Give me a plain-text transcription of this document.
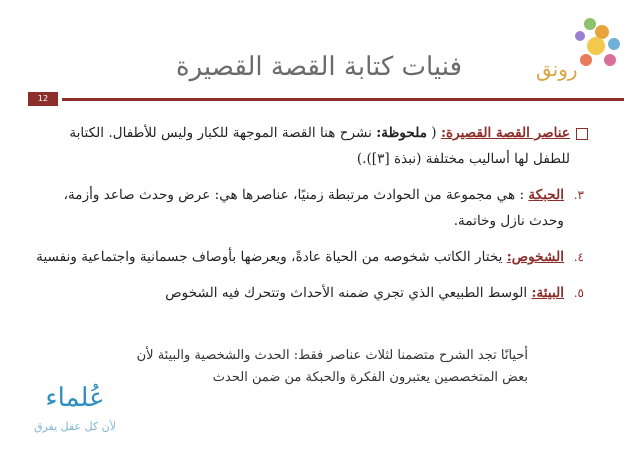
ﺭﻭﻧﻖ
فنيات كتابة القصة القصيرة
12
عناصر القصة القصيرة: ( ملحوظة: نشرح هنا القصة الموجهة للكبار وليس للأطفال. الكتابة للطفل لها أساليب مختلفة (نبذة [٣]).)
٣.
الحبكة : هي مجموعة من الحوادث مرتبطة زمنيًا، عناصرها هي: عرض وحدث صاعد وأزمة، وحدث نازل وخاتمة.
٤.
الشخوص: يختار الكاتب شخوصه من الحياة عادةً، ويعرضها بأوصاف جسمانية واجتماعية ونفسية
٥.
البيئة: الوسط الطبيعي الذي تجري ضمنه الأحداث وتتحرك فيه الشخوص
أحيانًا تجد الشرح متضمنا لثلاث عناصر فقط: الحدث والشخصية والبيئة لأن بعض المتخصصين يعتبرون الفكرة والحبكة من ضمن الحدث
عُلماء
لأن كل عقل يفرق
